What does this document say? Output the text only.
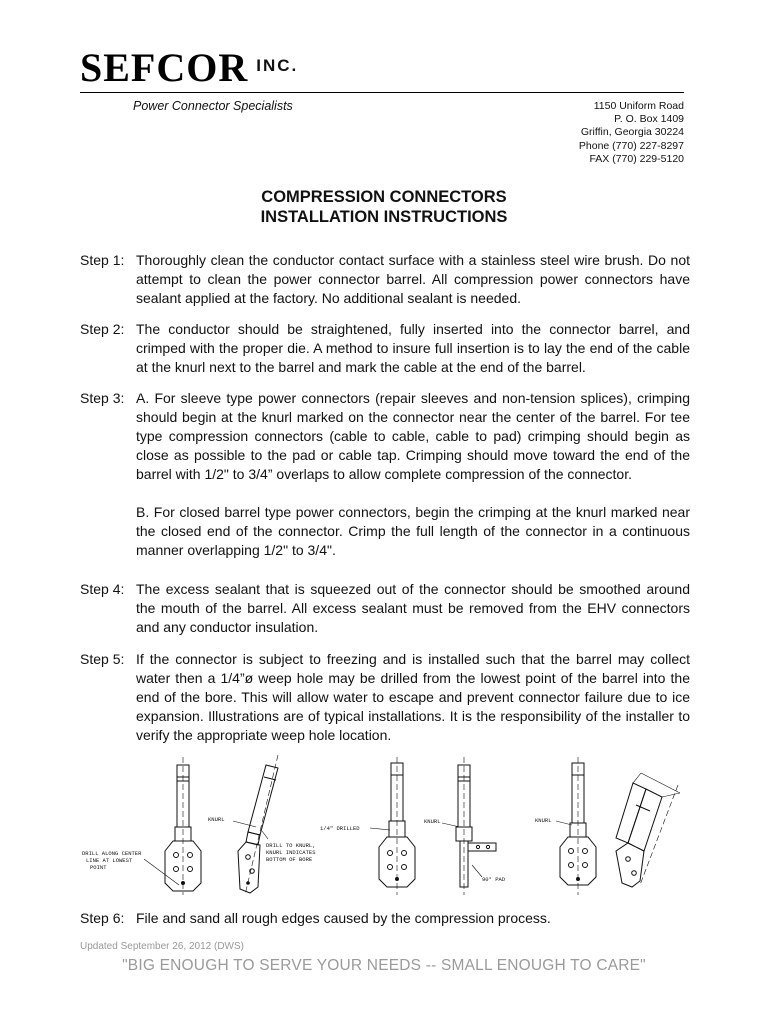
SEFCOR INC.
Power Connector Specialists	1150 Uniform Road
P. O. Box 1409
Griffin, Georgia 30224
Phone (770) 227-8297
FAX (770) 229-5120
COMPRESSION CONNECTORS
INSTALLATION INSTRUCTIONS
Step 1: Thoroughly clean the conductor contact surface with a stainless steel wire brush. Do not attempt to clean the power connector barrel. All compression power connectors have sealant applied at the factory. No additional sealant is needed.

Step 2: The conductor should be straightened, fully inserted into the connector barrel, and crimped with the proper die. A method to insure full insertion is to lay the end of the cable at the knurl next to the barrel and mark the cable at the end of the barrel.

Step 3: A. For sleeve type power connectors (repair sleeves and non-tension splices), crimping should begin at the knurl marked on the connector near the center of the barrel. For tee type compression connectors (cable to cable, cable to pad) crimping should begin as close as possible to the pad or cable tap. Crimping should move toward the end of the barrel with 1/2" to 3/4” overlaps to allow complete compression of the connector.

B. For closed barrel type power connectors, begin the crimping at the knurl marked near the closed end of the connector. Crimp the full length of the connector in a continuous manner overlapping 1/2" to 3/4".

Step 4: The excess sealant that is squeezed out of the connector should be smoothed around the mouth of the barrel. All excess sealant must be removed from the EHV connectors and any conductor insulation.

Step 5: If the connector is subject to freezing and is installed such that the barrel may collect water then a 1/4”ø weep hole may be drilled from the lowest point of the barrel into the end of the bore. This will allow water to escape and prevent connector failure due to ice expansion. Illustrations are of typical installations. It is the responsibility of the installer to verify the appropriate weep hole location.

DRILL ALONG CENTER
LINE AT LOWEST
POINT
KNURL
DRILL TO KNURL,
KNURL INDICATES
BOTTOM OF BORE
1/4" DRILLED
90° PAD
KNURL	KNURL
Step 6: File and sand all rough edges caused by the compression process.

Updated September 26, 2012 (DWS)
"BIG ENOUGH TO SERVE YOUR NEEDS -- SMALL ENOUGH TO CARE"
